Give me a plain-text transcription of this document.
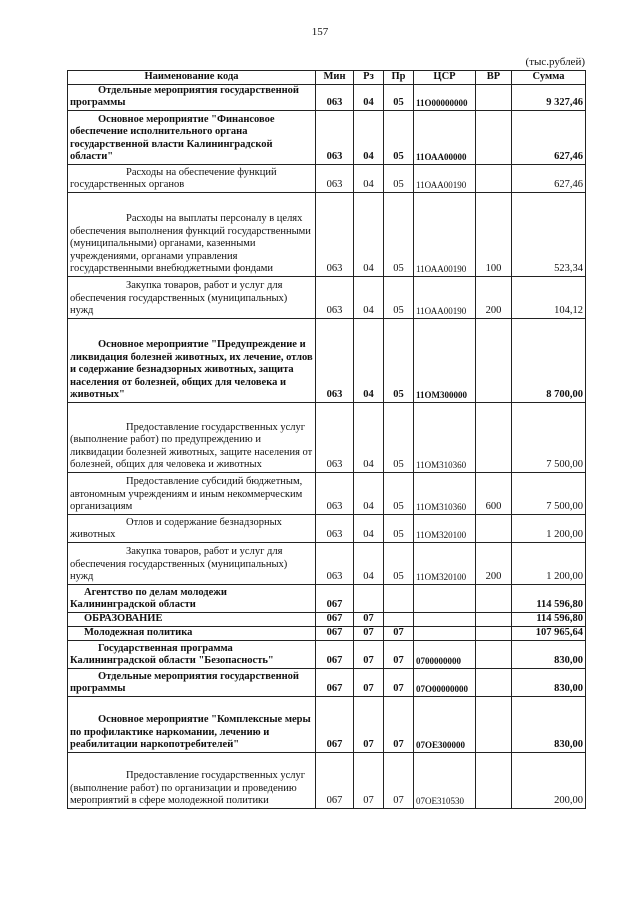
157
(тыс.рублей)
Наименование кода	Мин	Рз	Пр	ЦСР	ВР	Сумма
Отдельные мероприятия государственной программы	063	04	05	11О00000000		9 327,46
Основное мероприятие "Финансовое обеспечение исполнительного органа государственной власти Калининградской области"	063	04	05	11ОАА00000		627,46
Расходы на обеспечение функций государственных органов	063	04	05	11ОАА00190		627,46
Расходы на выплаты персоналу в целях обеспечения выполнения функций государственными (муниципальными) органами, казенными учреждениями, органами управления государственными внебюджетными фондами	063	04	05	11ОАА00190	100	523,34
Закупка товаров, работ и услуг для обеспечения государственных (муниципальных) нужд	063	04	05	11ОАА00190	200	104,12
Основное мероприятие "Предупреждение и ликвидация болезней животных, их лечение, отлов и содержание безнадзорных животных, защита населения от болезней, общих для человека и животных"	063	04	05	11ОМ300000		8 700,00
Предоставление государственных услуг (выполнение работ) по предупреждению и ликвидации болезней животных, защите населения от болезней, общих для человека и животных	063	04	05	11ОМ310360		7 500,00
Предоставление субсидий бюджетным, автономным учреждениям и иным некоммерческим организациям	063	04	05	11ОМ310360	600	7 500,00
Отлов и содержание безнадзорных животных	063	04	05	11ОМ320100		1 200,00
Закупка товаров, работ и услуг для обеспечения государственных (муниципальных) нужд	063	04	05	11ОМ320100	200	1 200,00
Агентство по делам молодежи Калининградской области	067					114 596,80
ОБРАЗОВАНИЕ	067	07				114 596,80
Молодежная политика	067	07	07			107 965,64
Государственная программа Калининградской области "Безопасность"	067	07	07	0700000000		830,00
Отдельные мероприятия государственной программы	067	07	07	07О00000000		830,00
Основное мероприятие "Комплексные меры по профилактике наркомании, лечению и реабилитации наркопотребителей"	067	07	07	07ОЕ300000		830,00
Предоставление государственных услуг (выполнение работ) по организации и проведению мероприятий в сфере молодежной политики	067	07	07	07ОЕ310530		200,00
